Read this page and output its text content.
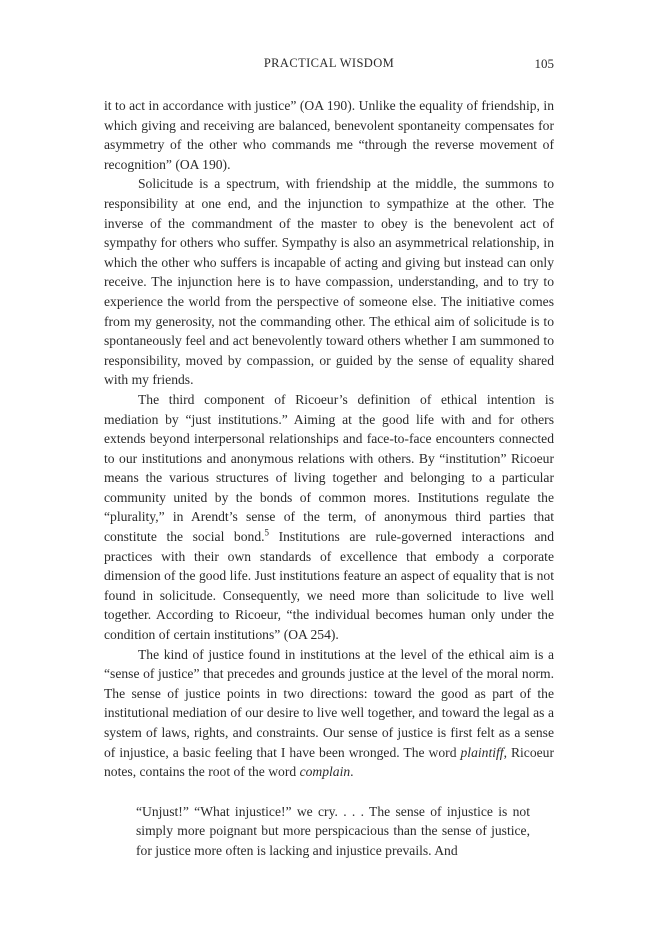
PRACTICAL WISDOM	105

it to act in accordance with justice” (OA 190). Unlike the equality of friendship, in which giving and receiving are balanced, benevolent spontaneity compensates for asymmetry of the other who commands me “through the reverse movement of recognition” (OA 190).

Solicitude is a spectrum, with friendship at the middle, the summons to responsibility at one end, and the injunction to sympathize at the other. The inverse of the commandment of the master to obey is the benevolent act of sympathy for others who suffer. Sympathy is also an asymmetrical relationship, in which the other who suffers is incapable of acting and giving but instead can only receive. The injunction here is to have compassion, understanding, and to try to experience the world from the perspective of someone else. The initiative comes from my generosity, not the commanding other. The ethical aim of solicitude is to spontaneously feel and act benevolently toward others whether I am summoned to responsibility, moved by compassion, or guided by the sense of equality shared with my friends.

The third component of Ricoeur’s definition of ethical intention is mediation by “just institutions.” Aiming at the good life with and for others extends beyond interpersonal relationships and face-to-face encounters connected to our institutions and anonymous relations with others. By “institution” Ricoeur means the various structures of living together and belonging to a particular community united by the bonds of common mores. Institutions regulate the “plurality,” in Arendt’s sense of the term, of anonymous third parties that constitute the social bond.$^5$ Institutions are rule-governed interactions and practices with their own standards of excellence that embody a corporate dimension of the good life. Just institutions feature an aspect of equality that is not found in solicitude. Consequently, we need more than solicitude to live well together. According to Ricoeur, “the individual becomes human only under the condition of certain institutions” (OA 254).

The kind of justice found in institutions at the level of the ethical aim is a “sense of justice” that precedes and grounds justice at the level of the moral norm. The sense of justice points in two directions: toward the good as part of the institutional mediation of our desire to live well together, and toward the legal as a system of laws, rights, and constraints. Our sense of justice is first felt as a sense of injustice, a basic feeling that I have been wronged. The word plaintiff, Ricoeur notes, contains the root of the word complain.

“Unjust!” “What injustice!” we cry. . . . The sense of injustice is not simply more poignant but more perspicacious than the sense of justice, for justice more often is lacking and injustice prevails. And
